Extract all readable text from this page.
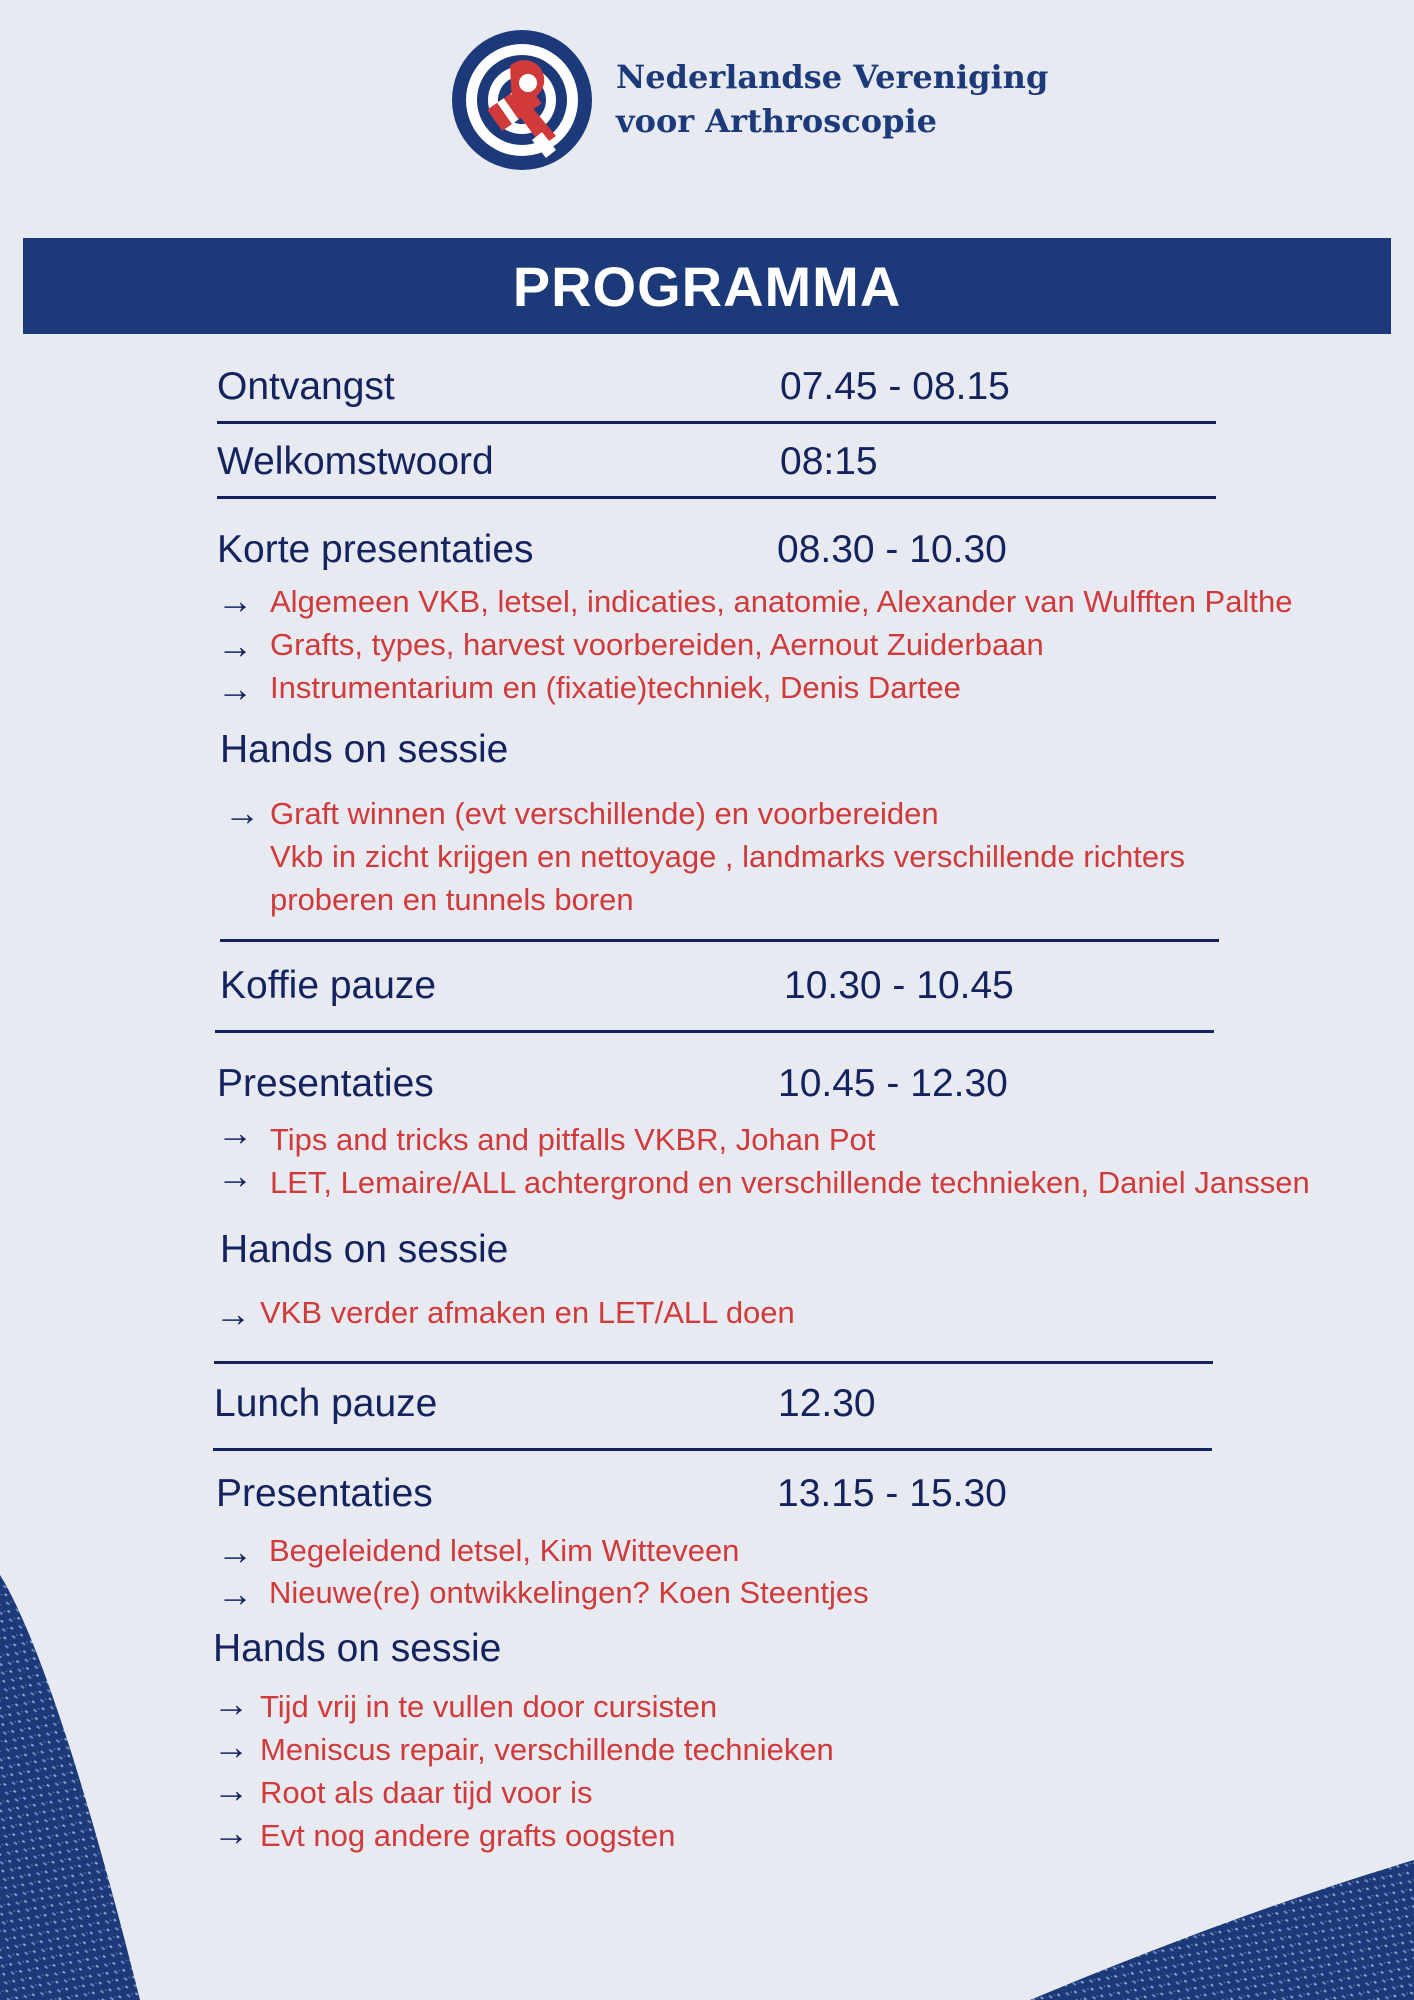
Nederlandse Vereniging
voor Arthroscopie
PROGRAMMA
Ontvangst	07.45 - 08.15
Welkomstwoord	08:15
Korte presentaties	08.30 - 10.30
→ Algemeen VKB, letsel, indicaties, anatomie, Alexander van Wulfften Palthe
→ Grafts, types, harvest voorbereiden, Aernout Zuiderbaan
→ Instrumentarium en (fixatie)techniek, Denis Dartee
Hands on sessie
→ Graft winnen (evt verschillende) en voorbereiden
Vkb in zicht krijgen en nettoyage , landmarks verschillende richters
proberen en tunnels boren
Koffie pauze	10.30 - 10.45
Presentaties	10.45 - 12.30
→ Tips and tricks and pitfalls VKBR, Johan Pot
→ LET, Lemaire/ALL achtergrond en verschillende technieken, Daniel Janssen
Hands on sessie
→ VKB verder afmaken en LET/ALL doen
Lunch pauze	12.30
Presentaties	13.15 - 15.30
→ Begeleidend letsel, Kim Witteveen
→ Nieuwe(re) ontwikkelingen? Koen Steentjes
Hands on sessie
→ Tijd vrij in te vullen door cursisten
→ Meniscus repair, verschillende technieken
→ Root als daar tijd voor is
→ Evt nog andere grafts oogsten
